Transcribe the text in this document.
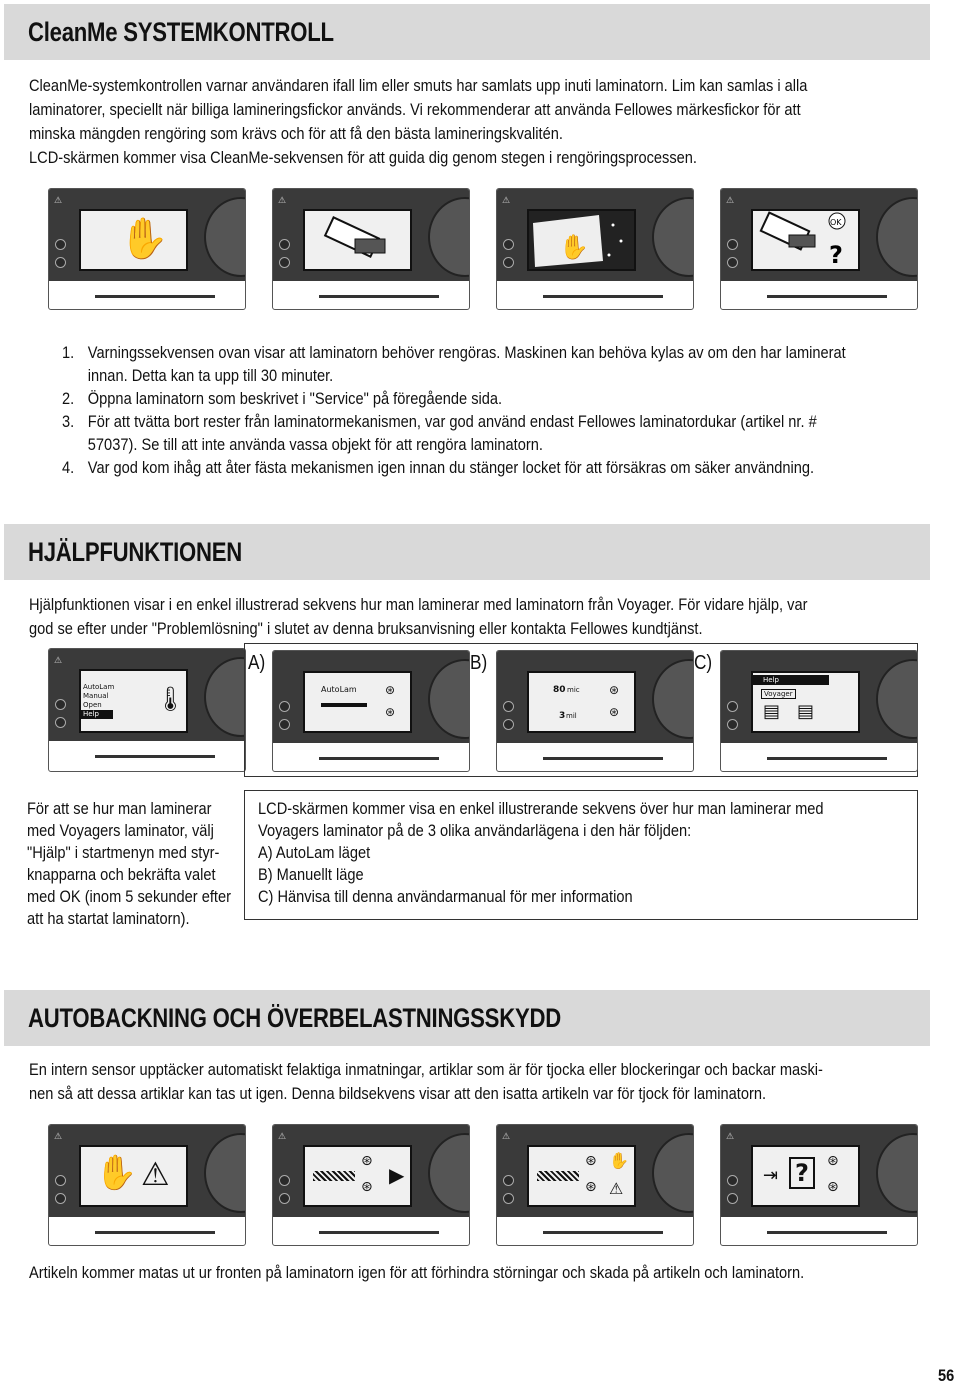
CleanMe SYSTEMKONTROLL
CleanMe-systemkontrollen varnar användaren ifall lim eller smuts har samlats upp inuti laminatorn. Lim kan samlas i alla
laminatorer, speciellt när billiga lamineringsfickor används. Vi rekommenderar att använda Fellowes märkesfickor för att
minska mängden rengöring som krävs och för att få den bästa lamineringskvalitén.
LCD-skärmen kommer visa CleanMe-sekvensen för att guida dig genom stegen i rengöringsprocessen.
⚠
✋
⚠	⚠
✋
⚠
OK
?
1. Varningssekvensen ovan visar att laminatorn behöver rengöras. Maskinen kan behöva kylas av om den har laminerat
innan. Detta kan ta upp till 30 minuter.
2. Öppna laminatorn som beskrivet i "Service" på föregående sida.
3. För att tvätta bort rester från laminatormekanismen, var god använd endast Fellowes laminatordukar (artikel nr. #
57037). Se till att inte använda vassa objekt för att rengöra laminatorn.
4. Var god kom ihåg att åter fästa mekanismen igen innan du stänger locket för att försäkras om säker användning.
HJÄLPFUNKTIONEN
Hjälpfunktionen visar i en enkel illustrerad sekvens hur man laminerar med laminatorn från Voyager. För vidare hjälp, var
god se efter under "Problemlösning" i slutet av denna bruksanvisning eller kontakta Fellowes kundtjänst.
⚠
AutoLam
Manual
Open
Help
🌡
A)	B)	C)
AutoLam ⊛
⊛
80 mic
3 mil
⊛
⊛
Help
Voyager
▤ ▤
För att se hur man laminerar
med Voyagers laminator, välj
"Hjälp" i startmenyn med styr-
knapparna och bekräfta valet
med OK (inom 5 sekunder efter
att ha startat laminatorn).
LCD-skärmen kommer visa en enkel illustrerande sekvens över hur man laminerar med
Voyagers laminator på de 3 olika användarlägena i den här följden:
A) AutoLam läget
B) Manuellt läge
C) Hänvisa till denna användarmanual för mer information
AUTOBACKNING OCH ÖVERBELASTNINGSSKYDD
En intern sensor upptäcker automatiskt felaktiga inmatningar, artiklar som är för tjocka eller blockeringar och backar maski-
nen så att dessa artiklar kan tas ut igen. Denna bildsekvens visar att den isatta artikeln var för tjock för laminatorn.
⚠
✋ ⚠
⚠
⊛
⊛ ▶
⚠
⊛
⊛
✋
⚠
⚠
⇥ ?	⊛
⊛
Artikeln kommer matas ut ur fronten på laminatorn igen för att förhindra störningar och skada på artikeln och laminatorn.
56
